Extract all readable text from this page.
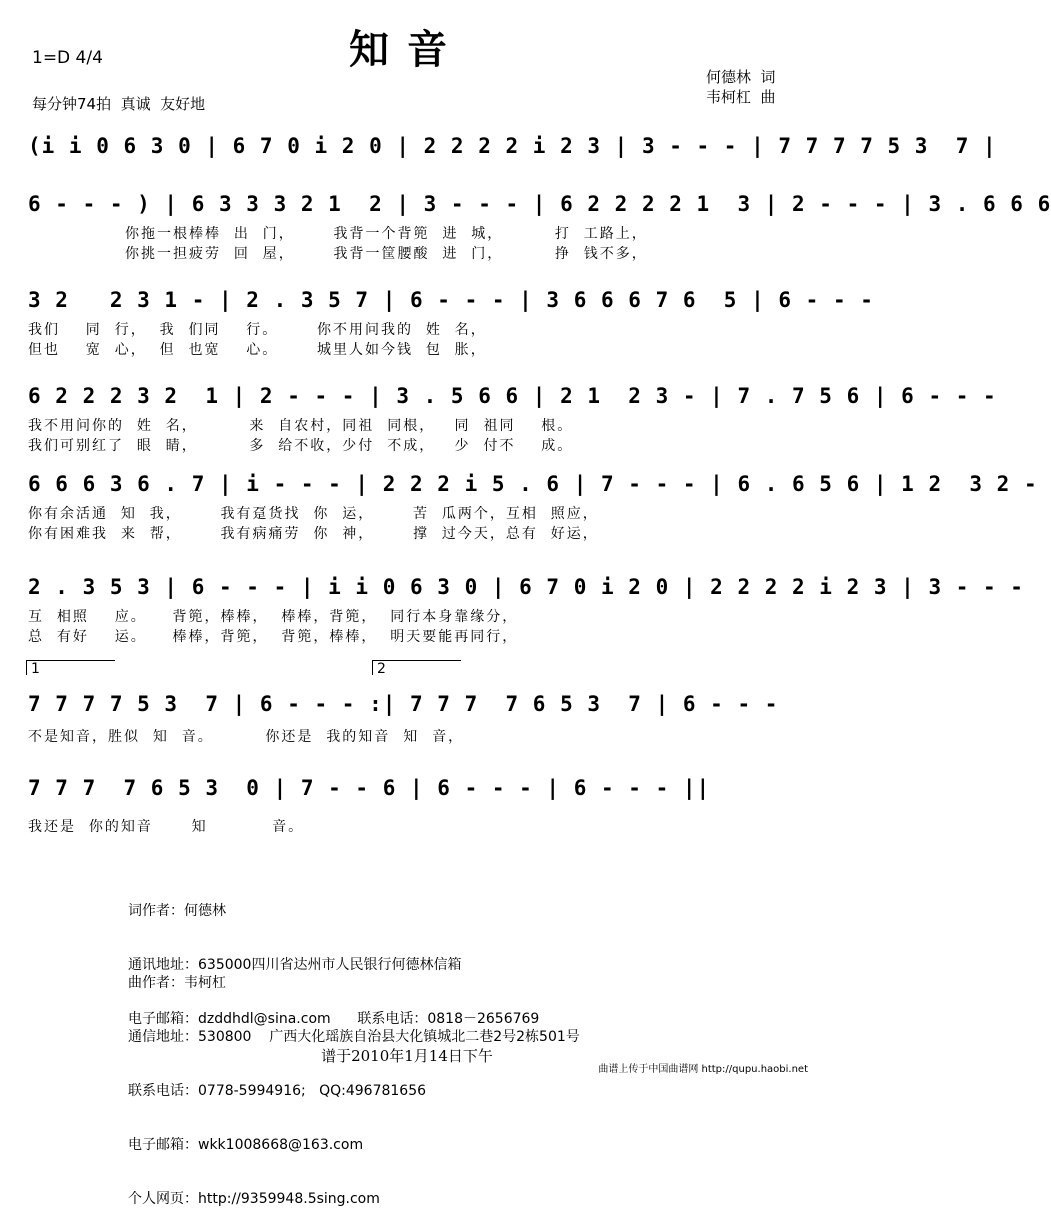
知音
1=D 4/4
每分钟74拍  真诚  友好地
何德林  词
韦柯杠  曲
(i i 0 6 3 0 | 6 7 0 i 2 0 | 2 2 2 2 i 2 3 | 3 - - - | 7 7 7 7 5 3  7 |
6 - - - ) | 6 3 3 3 2 1  2 | 3 - - - | 6 2 2 2 2 1  3 | 2 - - - | 3 . 6 6 6
你拖一根棒棒  出  门，      我背一个背篼  进  城，        打  工路上，
你挑一担疲劳  回  屋，      我背一筐腰酸  进  门，        挣  钱不多，
3 2   2 3 1 - | 2 . 3 5 7 | 6 - - - | 3 6 6 6 7 6  5 | 6 - - -
我们    同  行，  我  们同    行。      你不用问我的  姓  名，
但也    宽  心，  但  也宽    心。      城里人如今钱  包  胀，
6 2 2 2 3 2  1 | 2 - - - | 3 . 5 6 6 | 2 1  2 3 - | 7 . 7 5 6 | 6 - - -
我不用问你的  姓  名，        来  自农村，同祖  同根，   同  祖同    根。
我们可别红了  眼  睛，        多  给不收，少付  不成，   少  付不    成。
6 6 6 3 6 . 7 | i - - - | 2 2 2 i 5 . 6 | 7 - - - | 6 . 6 5 6 | 1 2  3 2 -
你有余活通  知  我，      我有趸货找  你  运，      苦  瓜两个，互相  照应，
你有困难我  来  帮，      我有病痛劳  你  神，      撑  过今天，总有  好运，
2 . 3 5 3 | 6 - - - | i i 0 6 3 0 | 6 7 0 i 2 0 | 2 2 2 2 i 2 3 | 3 - - -
互  相照    应。    背篼，棒棒，  棒棒，背篼，  同行本身靠缘分，
总  有好    运。    棒棒，背篼，  背篼，棒棒，  明天要能再同行，
1	2
7 7 7 7 5 3  7 | 6 - - - :| 7 7 7  7 6 5 3  7 | 6 - - -
不是知音，胜似  知  音。        你还是  我的知音  知  音，
7 7 7  7 6 5 3  0 | 7 - - 6 | 6 - - - | 6 - - - ||
我还是  你的知音      知          音。

词作者：何德林

通讯地址：635000四川省达州市人民银行何德林信箱

电子邮箱：dzddhdl@sina.com      联系电话：0818－2656769

曲作者：韦柯杠

通信地址：530800    广西大化瑶族自治县大化镇城北二巷2号2栋501号

联系电话：0778-5994916;   QQ:496781656

电子邮箱：wkk1008668@163.com

个人网页：http://9359948.5sing.com

谱于2010年1月14日下午
曲谱上传于中国曲谱网 http://qupu.haobi.net
